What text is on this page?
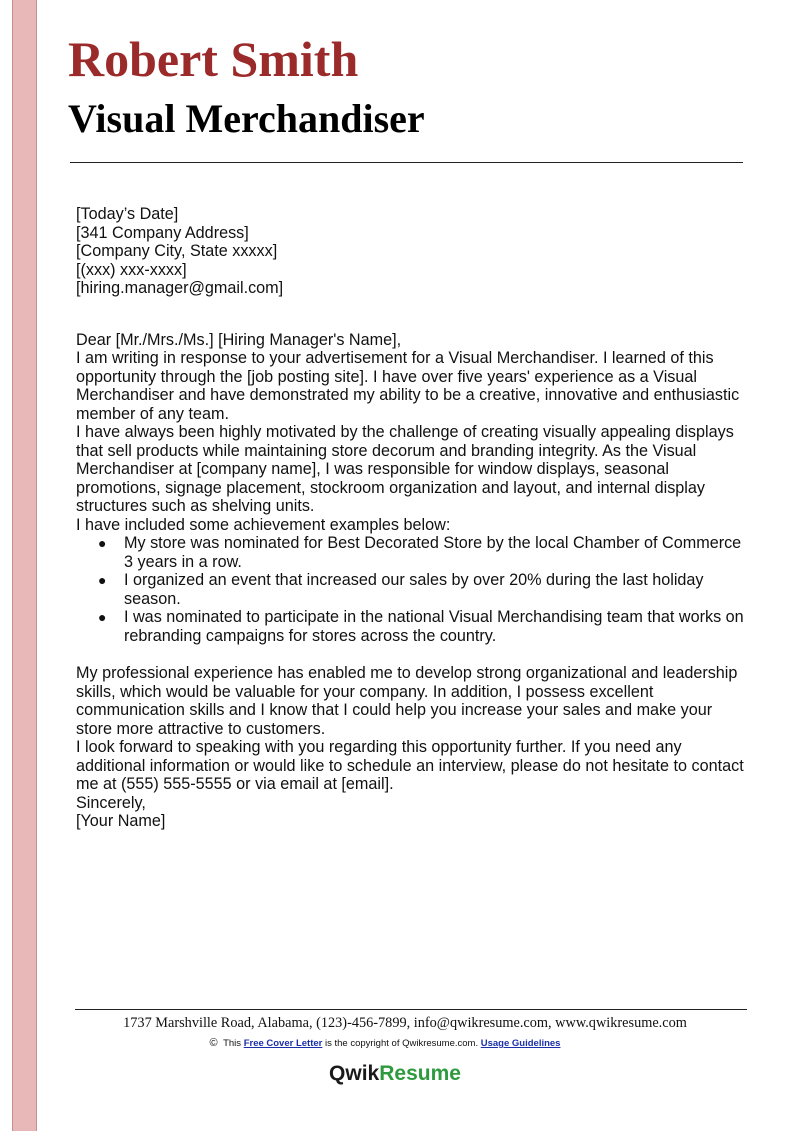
Robert Smith
Visual Merchandiser

[Today’s Date]

[341 Company Address]

[Company City, State xxxxx]

[(xxx) xxx-xxxx]

[hiring.manager@gmail.com]

Dear [Mr./Mrs./Ms.] [Hiring Manager's Name],

I am writing in response to your advertisement for a Visual Merchandiser. I learned of this opportunity through the [job posting site]. I have over five years' experience as a Visual Merchandiser and have demonstrated my ability to be a creative, innovative and enthusiastic member of any team.

I have always been highly motivated by the challenge of creating visually appealing displays that sell products while maintaining store decorum and branding integrity. As the Visual Merchandiser at [company name], I was responsible for window displays, seasonal promotions, signage placement, stockroom organization and layout, and internal display structures such as shelving units.

I have included some achievement examples below:

● My store was nominated for Best Decorated Store by the local Chamber of Commerce 3 years in a row.
● I organized an event that increased our sales by over 20% during the last holiday season.
● I was nominated to participate in the national Visual Merchandising team that works on rebranding campaigns for stores across the country.

My professional experience has enabled me to develop strong organizational and leadership skills, which would be valuable for your company. In addition, I possess excellent communication skills and I know that I could help you increase your sales and make your store more attractive to customers.

I look forward to speaking with you regarding this opportunity further. If you need any additional information or would like to schedule an interview, please do not hesitate to contact me at (555) 555-5555 or via email at [email].

Sincerely,

[Your Name]

1737 Marshville Road, Alabama, (123)-456-7899, info@qwikresume.com, www.qwikresume.com
© This Free Cover Letter is the copyright of Qwikresume.com. Usage Guidelines
QwikResume
